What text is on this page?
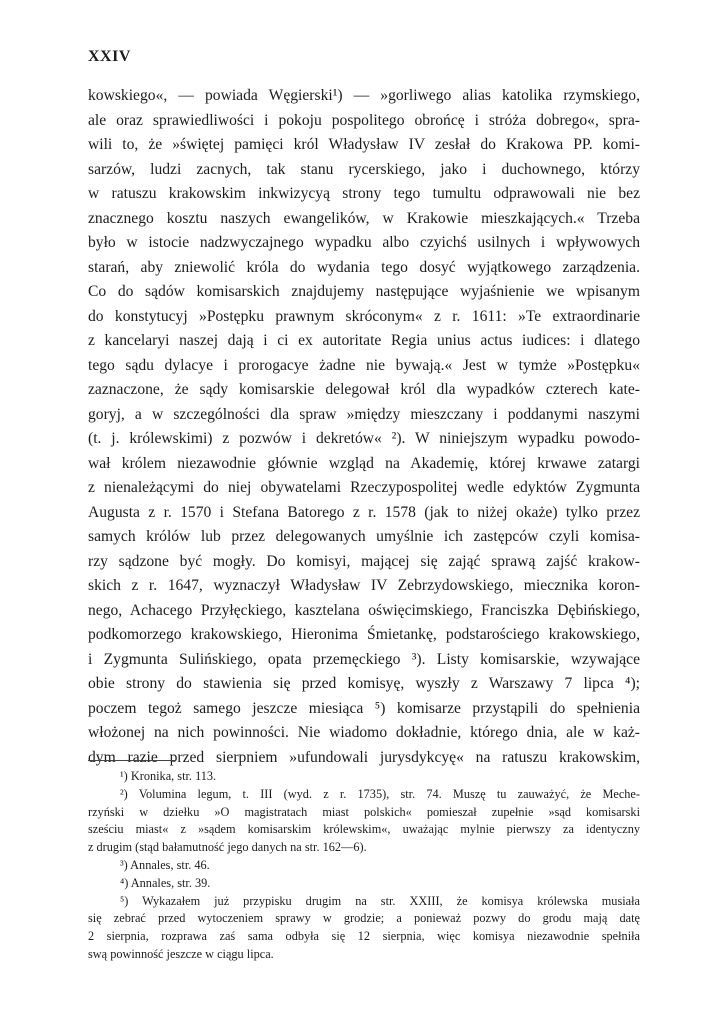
XXIV
kowskiego«, — powiada Węgierski¹) — »gorliwego alias katolika rzymskiego,
ale oraz sprawiedliwości i pokoju pospolitego obrońcę i stróża dobrego«, spra-
wili to, że »świętej pamięci król Władysław IV zesłał do Krakowa PP. komi-
sarzów, ludzi zacnych, tak stanu rycerskiego, jako i duchownego, którzy
w ratuszu krakowskim inkwizycyą strony tego tumultu odprawowali nie bez
znacznego kosztu naszych ewangelików, w Krakowie mieszkających.« Trzeba
było w istocie nadzwyczajnego wypadku albo czyichś usilnych i wpływowych
starań, aby zniewolić króla do wydania tego dosyć wyjątkowego zarządzenia.
Co do sądów komisarskich znajdujemy następujące wyjaśnienie we wpisanym
do konstytucyj »Postępku prawnym skróconym« z r. 1611: »Te extraordinarie
z kancelaryi naszej dają i ci ex autoritate Regia unius actus iudices: i dlatego
tego sądu dylacye i prorogacye żadne nie bywają.« Jest w tymże »Postępku«
zaznaczone, że sądy komisarskie delegował król dla wypadków czterech kate-
goryj, a w szczególności dla spraw »między mieszczany i poddanymi naszymi
(t. j. królewskimi) z pozwów i dekretów« ²). W niniejszym wypadku powodo-
wał królem niezawodnie głównie wzgląd na Akademię, której krwawe zatargi
z nienależącymi do niej obywatelami Rzeczypospolitej wedle edyktów Zygmunta
Augusta z r. 1570 i Stefana Batorego z r. 1578 (jak to niżej okaże) tylko przez
samych królów lub przez delegowanych umyślnie ich zastępców czyli komisa-
rzy sądzone być mogły. Do komisyi, mającej się zająć sprawą zajść krakow-
skich z r. 1647, wyznaczył Władysław IV Zebrzydowskiego, miecznika koron-
nego, Achacego Przyłęckiego, kasztelana oświęcimskiego, Franciszka Dębińskiego,
podkomorzego krakowskiego, Hieronima Śmietankę, podstarościego krakowskiego,
i Zygmunta Sulińskiego, opata przemęckiego ³). Listy komisarskie, wzywające
obie strony do stawienia się przed komisyę, wyszły z Warszawy 7 lipca ⁴);
poczem tegoż samego jeszcze miesiąca ⁵) komisarze przystąpili do spełnienia
włożonej na nich powinności. Nie wiadomo dokładnie, którego dnia, ale w każ-
dym razie przed sierpniem »ufundowali jurysdykcyę« na ratuszu krakowskim,
¹) Kronika, str. 113.
²) Volumina legum, t. III (wyd. z r. 1735), str. 74. Muszę tu zauważyć, że Meche-
rzyński w dziełku »O magistratach miast polskich« pomieszał zupełnie »sąd komisarski
sześciu miast« z »sądem komisarskim królewskim«, uważając mylnie pierwszy za identyczny
z drugim (stąd bałamutność jego danych na str. 162—6).
³) Annales, str. 46.
⁴) Annales, str. 39.
⁵) Wykazałem już przypisku drugim na str. XXIII, że komisya królewska musiała
się zebrać przed wytoczeniem sprawy w grodzie; a ponieważ pozwy do grodu mają datę
2 sierpnia, rozprawa zaś sama odbyła się 12 sierpnia, więc komisya niezawodnie spełniła
swą powinność jeszcze w ciągu lipca.
